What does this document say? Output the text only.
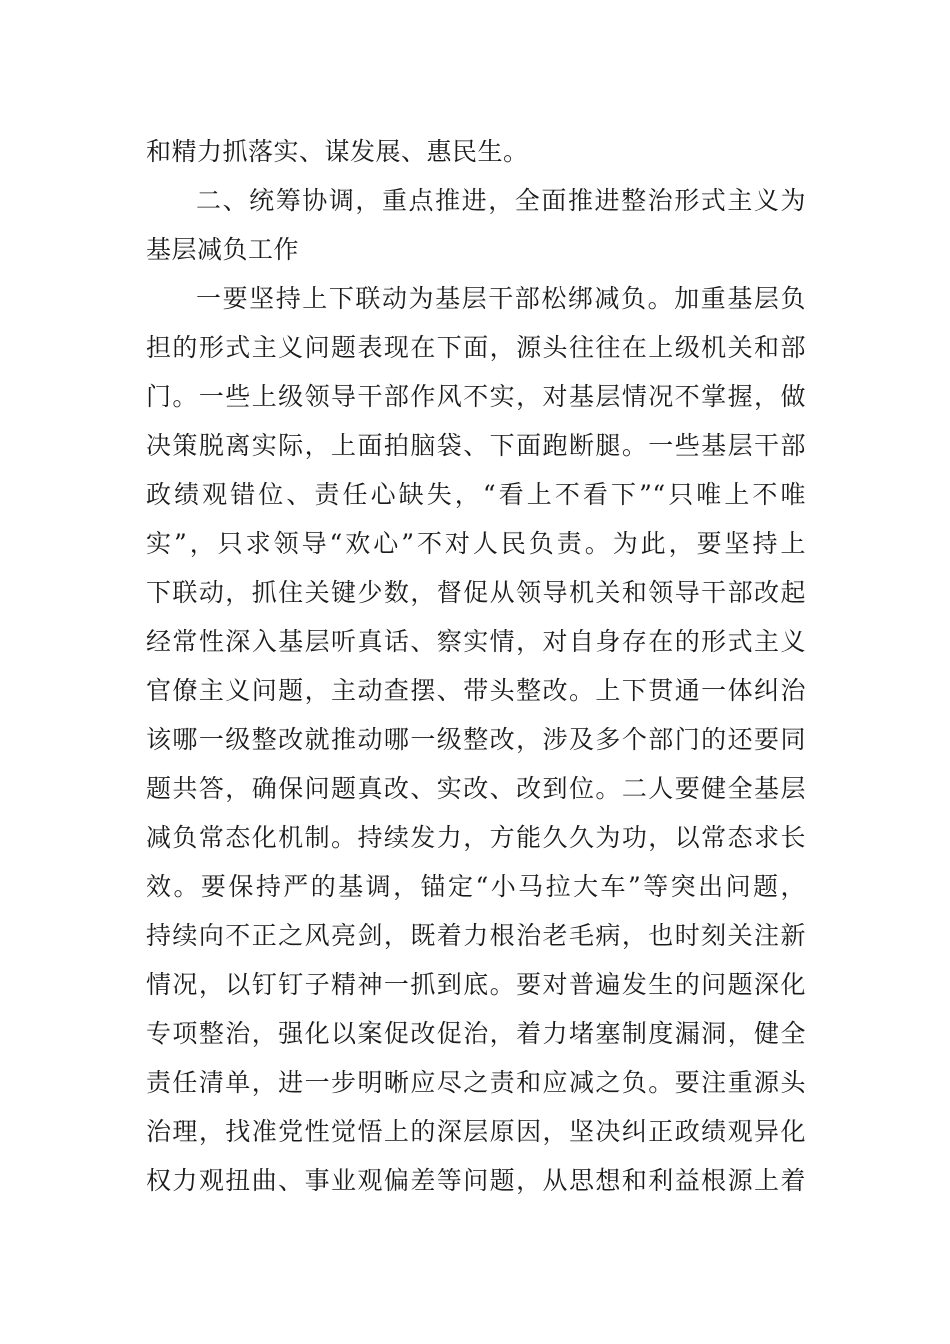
和精力抓落实、谋发展、惠民生。
二、统筹协调，重点推进，全面推进整治形式主义为
基层减负工作
一要坚持上下联动为基层干部松绑减负。加重基层负
担的形式主义问题表现在下面，源头往往在上级机关和部
门。一些上级领导干部作风不实，对基层情况不掌握，做
决策脱离实际，上面拍脑袋、下面跑断腿。一些基层干部
政绩观错位、责任心缺失，“看上不看下”“只唯上不唯
实”，只求领导“欢心”不对人民负责。为此，要坚持上
下联动，抓住关键少数，督促从领导机关和领导干部改起
经常性深入基层听真话、察实情，对自身存在的形式主义
官僚主义问题，主动查摆、带头整改。上下贯通一体纠治
该哪一级整改就推动哪一级整改，涉及多个部门的还要同
题共答，确保问题真改、实改、改到位。二人要健全基层
减负常态化机制。持续发力，方能久久为功，以常态求长
效。要保持严的基调，锚定“小马拉大车”等突出问题，
持续向不正之风亮剑，既着力根治老毛病，也时刻关注新
情况，以钉钉子精神一抓到底。要对普遍发生的问题深化
专项整治，强化以案促改促治，着力堵塞制度漏洞，健全
责任清单，进一步明晰应尽之责和应减之负。要注重源头
治理，找准党性觉悟上的深层原因，坚决纠正政绩观异化
权力观扭曲、事业观偏差等问题，从思想和利益根源上着
